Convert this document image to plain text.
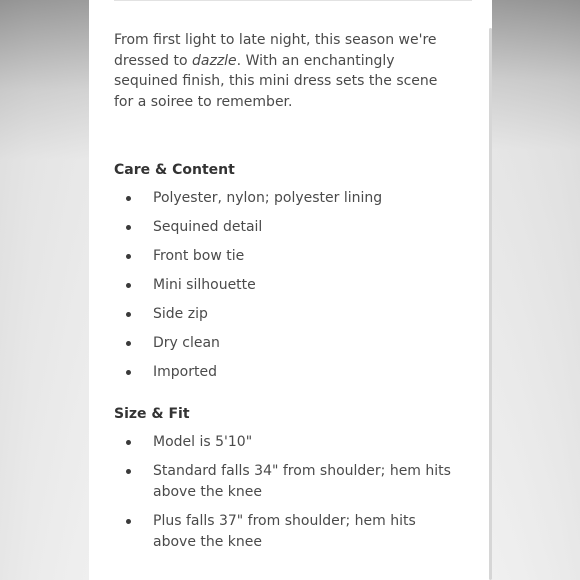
From first light to late night, this season we're dressed to dazzle. With an enchantingly sequined finish, this mini dress sets the scene for a soiree to remember.

Care & Content
Polyester, nylon; polyester lining
Sequined detail
Front bow tie
Mini silhouette
Side zip
Dry clean
Imported
Size & Fit
Model is 5'10"
Standard falls 34" from shoulder; hem hits above the knee
Plus falls 37" from shoulder; hem hits above the knee
